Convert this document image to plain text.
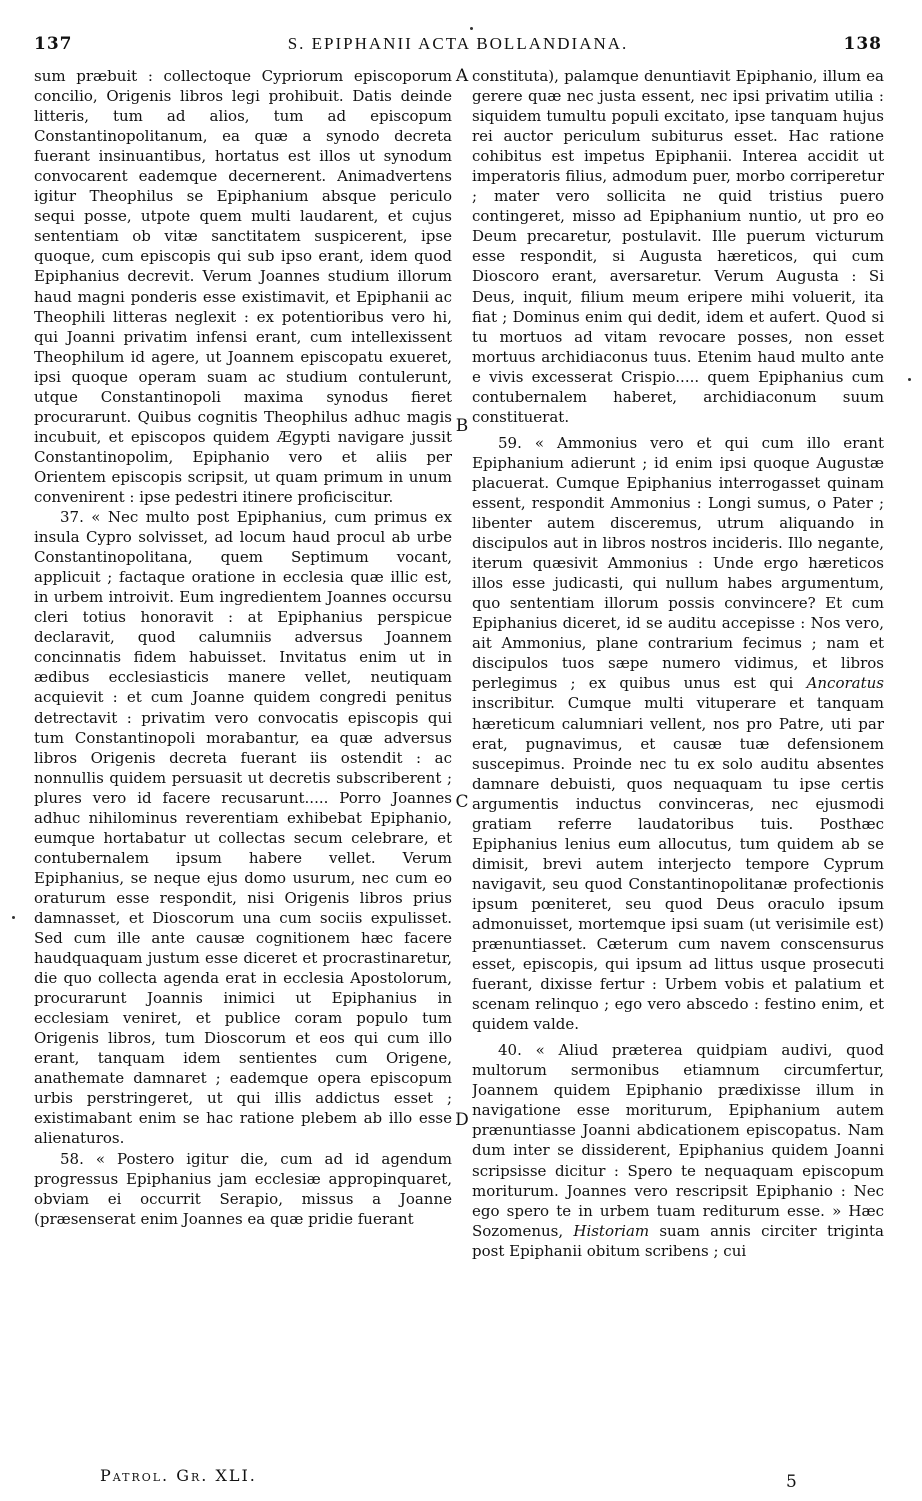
137	S. EPIPHANII ACTA BOLLANDIANA.	138

sum præbuit : collectoque Cypriorum episcoporum concilio, Origenis libros legi prohibuit. Datis deinde litteris, tum ad alios, tum ad episcopum Constantinopolitanum, ea quæ a synodo decreta fuerant insinuantibus, hortatus est illos ut synodum convocarent eademque decernerent. Animadvertens igitur Theophilus se Epiphanium absque periculo sequi posse, utpote quem multi laudarent, et cujus sententiam ob vitæ sanctitatem suspicerent, ipse quoque, cum episcopis qui sub ipso erant, idem quod Epiphanius decrevit. Verum Joannes studium illorum haud magni ponderis esse existimavit, et Epiphanii ac Theophili litteras neglexit : ex potentioribus vero hi, qui Joanni privatim infensi erant, cum intellexissent Theophilum id agere, ut Joannem episcopatu exueret, ipsi quoque operam suam ac studium contulerunt, utque Constantinopoli maxima synodus fieret procurarunt. Quibus cognitis Theophilus adhuc magis incubuit, et episcopos quidem Ægypti navigare jussit Constantinopolim, Epiphanio vero et aliis per Orientem episcopis scripsit, ut quam primum in unum convenirent : ipse pedestri itinere proficiscitur.

37. « Nec multo post Epiphanius, cum primus ex insula Cypro solvisset, ad locum haud procul ab urbe Constantinopolitana, quem Septimum vocant, applicuit ; factaque oratione in ecclesia quæ illic est, in urbem introivit. Eum ingredientem Joannes occursu cleri totius honoravit : at Epiphanius perspicue declaravit, quod calumniis adversus Joannem concinnatis fidem habuisset. Invitatus enim ut in ædibus ecclesiasticis manere vellet, neutiquam acquievit : et cum Joanne quidem congredi penitus detrectavit : privatim vero convocatis episcopis qui tum Constantinopoli morabantur, ea quæ adversus libros Origenis decreta fuerant iis ostendit : ac nonnullis quidem persuasit ut decretis subscriberent ; plures vero id facere recusarunt..... Porro Joannes adhuc nihilominus reverentiam exhibebat Epiphanio, eumque hortabatur ut collectas secum celebrare, et contubernalem ipsum habere vellet. Verum Epiphanius, se neque ejus domo usurum, nec cum eo oraturum esse respondit, nisi Origenis libros prius damnasset, et Dioscorum una cum sociis expulisset. Sed cum ille ante causæ cognitionem hæc facere haudquaquam justum esse diceret et procrastinaretur, die quo collecta agenda erat in ecclesia Apostolorum, procurarunt Joannis inimici ut Epiphanius in ecclesiam veniret, et publice coram populo tum Origenis libros, tum Dioscorum et eos qui cum illo erant, tanquam idem sentientes cum Origene, anathemate damnaret ; eademque opera episcopum urbis perstringeret, ut qui illis addictus esset ; existimabant enim se hac ratione plebem ab illo esse alienaturos.

58. « Postero igitur die, cum ad id agendum progressus Epiphanius jam ecclesiæ appropinquaret, obviam ei occurrit Serapio, missus a Joanne (præsenserat enim Joannes ea quæ pridie fuerant

A
B
C
D

constituta), palamque denuntiavit Epiphanio, illum ea gerere quæ nec justa essent, nec ipsi privatim utilia : siquidem tumultu populi excitato, ipse tanquam hujus rei auctor periculum subiturus esset. Hac ratione cohibitus est impetus Epiphanii. Interea accidit ut imperatoris filius, admodum puer, morbo corriperetur ; mater vero sollicita ne quid tristius puero contingeret, misso ad Epiphanium nuntio, ut pro eo Deum precaretur, postulavit. Ille puerum victurum esse respondit, si Augusta hæreticos, qui cum Dioscoro erant, aversaretur. Verum Augusta : Si Deus, inquit, filium meum eripere mihi voluerit, ita fiat ; Dominus enim qui dedit, idem et aufert. Quod si tu mortuos ad vitam revocare posses, non esset mortuus archidiaconus tuus. Etenim haud multo ante e vivis excesserat Crispio..... quem Epiphanius cum contubernalem haberet, archidiaconum suum constituerat.

59. « Ammonius vero et qui cum illo erant Epiphanium adierunt ; id enim ipsi quoque Augustæ placuerat. Cumque Epiphanius interrogasset quinam essent, respondit Ammonius : Longi sumus, o Pater ; libenter autem disceremus, utrum aliquando in discipulos aut in libros nostros incideris. Illo negante, iterum quæsivit Ammonius : Unde ergo hæreticos illos esse judicasti, qui nullum habes argumentum, quo sententiam illorum possis convincere? Et cum Epiphanius diceret, id se auditu accepisse : Nos vero, ait Ammonius, plane contrarium fecimus ; nam et discipulos tuos sæpe numero vidimus, et libros perlegimus ; ex quibus unus est qui Ancoratus inscribitur. Cumque multi vituperare et tanquam hæreticum calumniari vellent, nos pro Patre, uti par erat, pugnavimus, et causæ tuæ defensionem suscepimus. Proinde nec tu ex solo auditu absentes damnare debuisti, quos nequaquam tu ipse certis argumentis inductus convinceras, nec ejusmodi gratiam referre laudatoribus tuis. Posthæc Epiphanius lenius eum allocutus, tum quidem ab se dimisit, brevi autem interjecto tempore Cyprum navigavit, seu quod Constantinopolitanæ profectionis ipsum pœniteret, seu quod Deus oraculo ipsum admonuisset, mortemque ipsi suam (ut verisimile est) prænuntiasset. Cæterum cum navem conscensurus esset, episcopis, qui ipsum ad littus usque prosecuti fuerant, dixisse fertur : Urbem vobis et palatium et scenam relinquo ; ego vero abscedo : festino enim, et quidem valde.

40. « Aliud præterea quidpiam audivi, quod multorum sermonibus etiamnum circumfertur, Joannem quidem Epiphanio prædixisse illum in navigatione esse moriturum, Epiphanium autem prænuntiasse Joanni abdicationem episcopatus. Nam dum inter se dissiderent, Epiphanius quidem Joanni scripsisse dicitur : Spero te nequaquam episcopum moriturum. Joannes vero rescripsit Epiphanio : Nec ego spero te in urbem tuam rediturum esse. » Hæc Sozomenus, Historiam suam annis circiter triginta post Epiphanii obitum scribens ; cui

Patrol. Gr. XLI.	5
